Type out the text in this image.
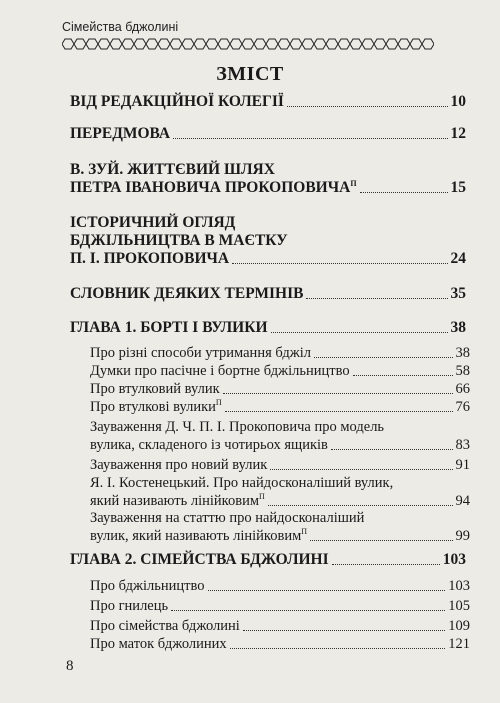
Сімейства бджолині
ЗМІСТ
ВІД РЕДАКЦІЙНОЇ КОЛЕГІЇ	10
ПЕРЕДМОВА	12
В. ЗУЙ. ЖИТТЄВИЙ ШЛЯХ
ПЕТРА ІВАНОВИЧА $ПРОКОПОВИЧА^П$	15
ІСТОРИЧНИЙ ОГЛЯД
БДЖІЛЬНИЦТВА В МАЄТКУ
П. І. ПРОКОПОВИЧА	24
СЛОВНИК ДЕЯКИХ ТЕРМІНІВ	35
ГЛАВА 1. БОРТІ І ВУЛИКИ	38
Про різні способи утримання бджіл	38
Думки про пасічне і бортне бджільництво	58
Про втулковий вулик	66
Про втулкові вулики$^П$	76
Зауваження Д. Ч. П. І. Прокоповича про модель
вулика, складеного із чотирьох ящиків	83
Зауваження про новий вулик	91
Я. І. Костенецький. Про найдосконаліший вулик,
який називають лінійковим$^П$	94
Зауваження на статтю про найдосконаліший
вулик, який називають лінійковим$^П$	99
ГЛАВА 2. СІМЕЙСТВА БДЖОЛИНІ	103
Про бджільництво	103
Про гнилець	105
Про сімейства бджолині	109
Про маток бджолиних	121
8
